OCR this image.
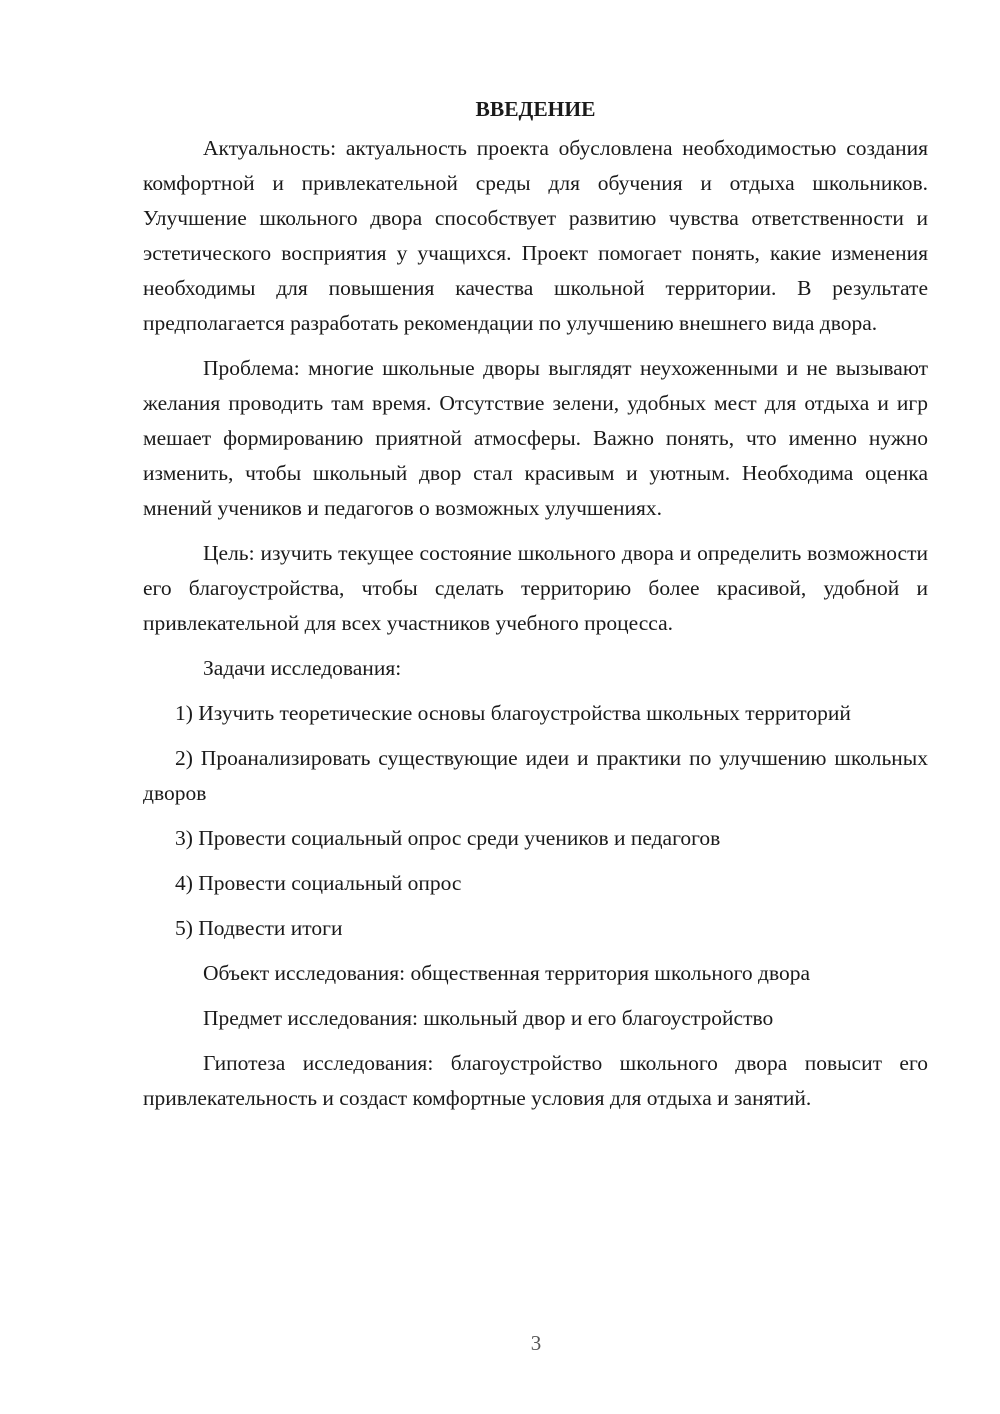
ВВЕДЕНИЕ

Актуальность: актуальность проекта обусловлена необходимостью создания комфортной и привлекательной среды для обучения и отдыха школьников. Улучшение школьного двора способствует развитию чувства ответственности и эстетического восприятия у учащихся. Проект помогает понять, какие изменения необходимы для повышения качества школьной территории. В результате предполагается разработать рекомендации по улучшению внешнего вида двора.

Проблема: многие школьные дворы выглядят неухоженными и не вызывают желания проводить там время. Отсутствие зелени, удобных мест для отдыха и игр мешает формированию приятной атмосферы. Важно понять, что именно нужно изменить, чтобы школьный двор стал красивым и уютным. Необходима оценка мнений учеников и педагогов о возможных улучшениях.

Цель: изучить текущее состояние школьного двора и определить возможности его благоустройства, чтобы сделать территорию более красивой, удобной и привлекательной для всех участников учебного процесса.

Задачи исследования:

1) Изучить теоретические основы благоустройства школьных территорий

2) Проанализировать существующие идеи и практики по улучшению школьных дворов

3) Провести социальный опрос среди учеников и педагогов

4) Провести социальный опрос

5) Подвести итоги

Объект исследования: общественная территория школьного двора

Предмет исследования: школьный двор и его благоустройство

Гипотеза исследования: благоустройство школьного двора повысит его привлекательность и создаст комфортные условия для отдыха и занятий.

3
